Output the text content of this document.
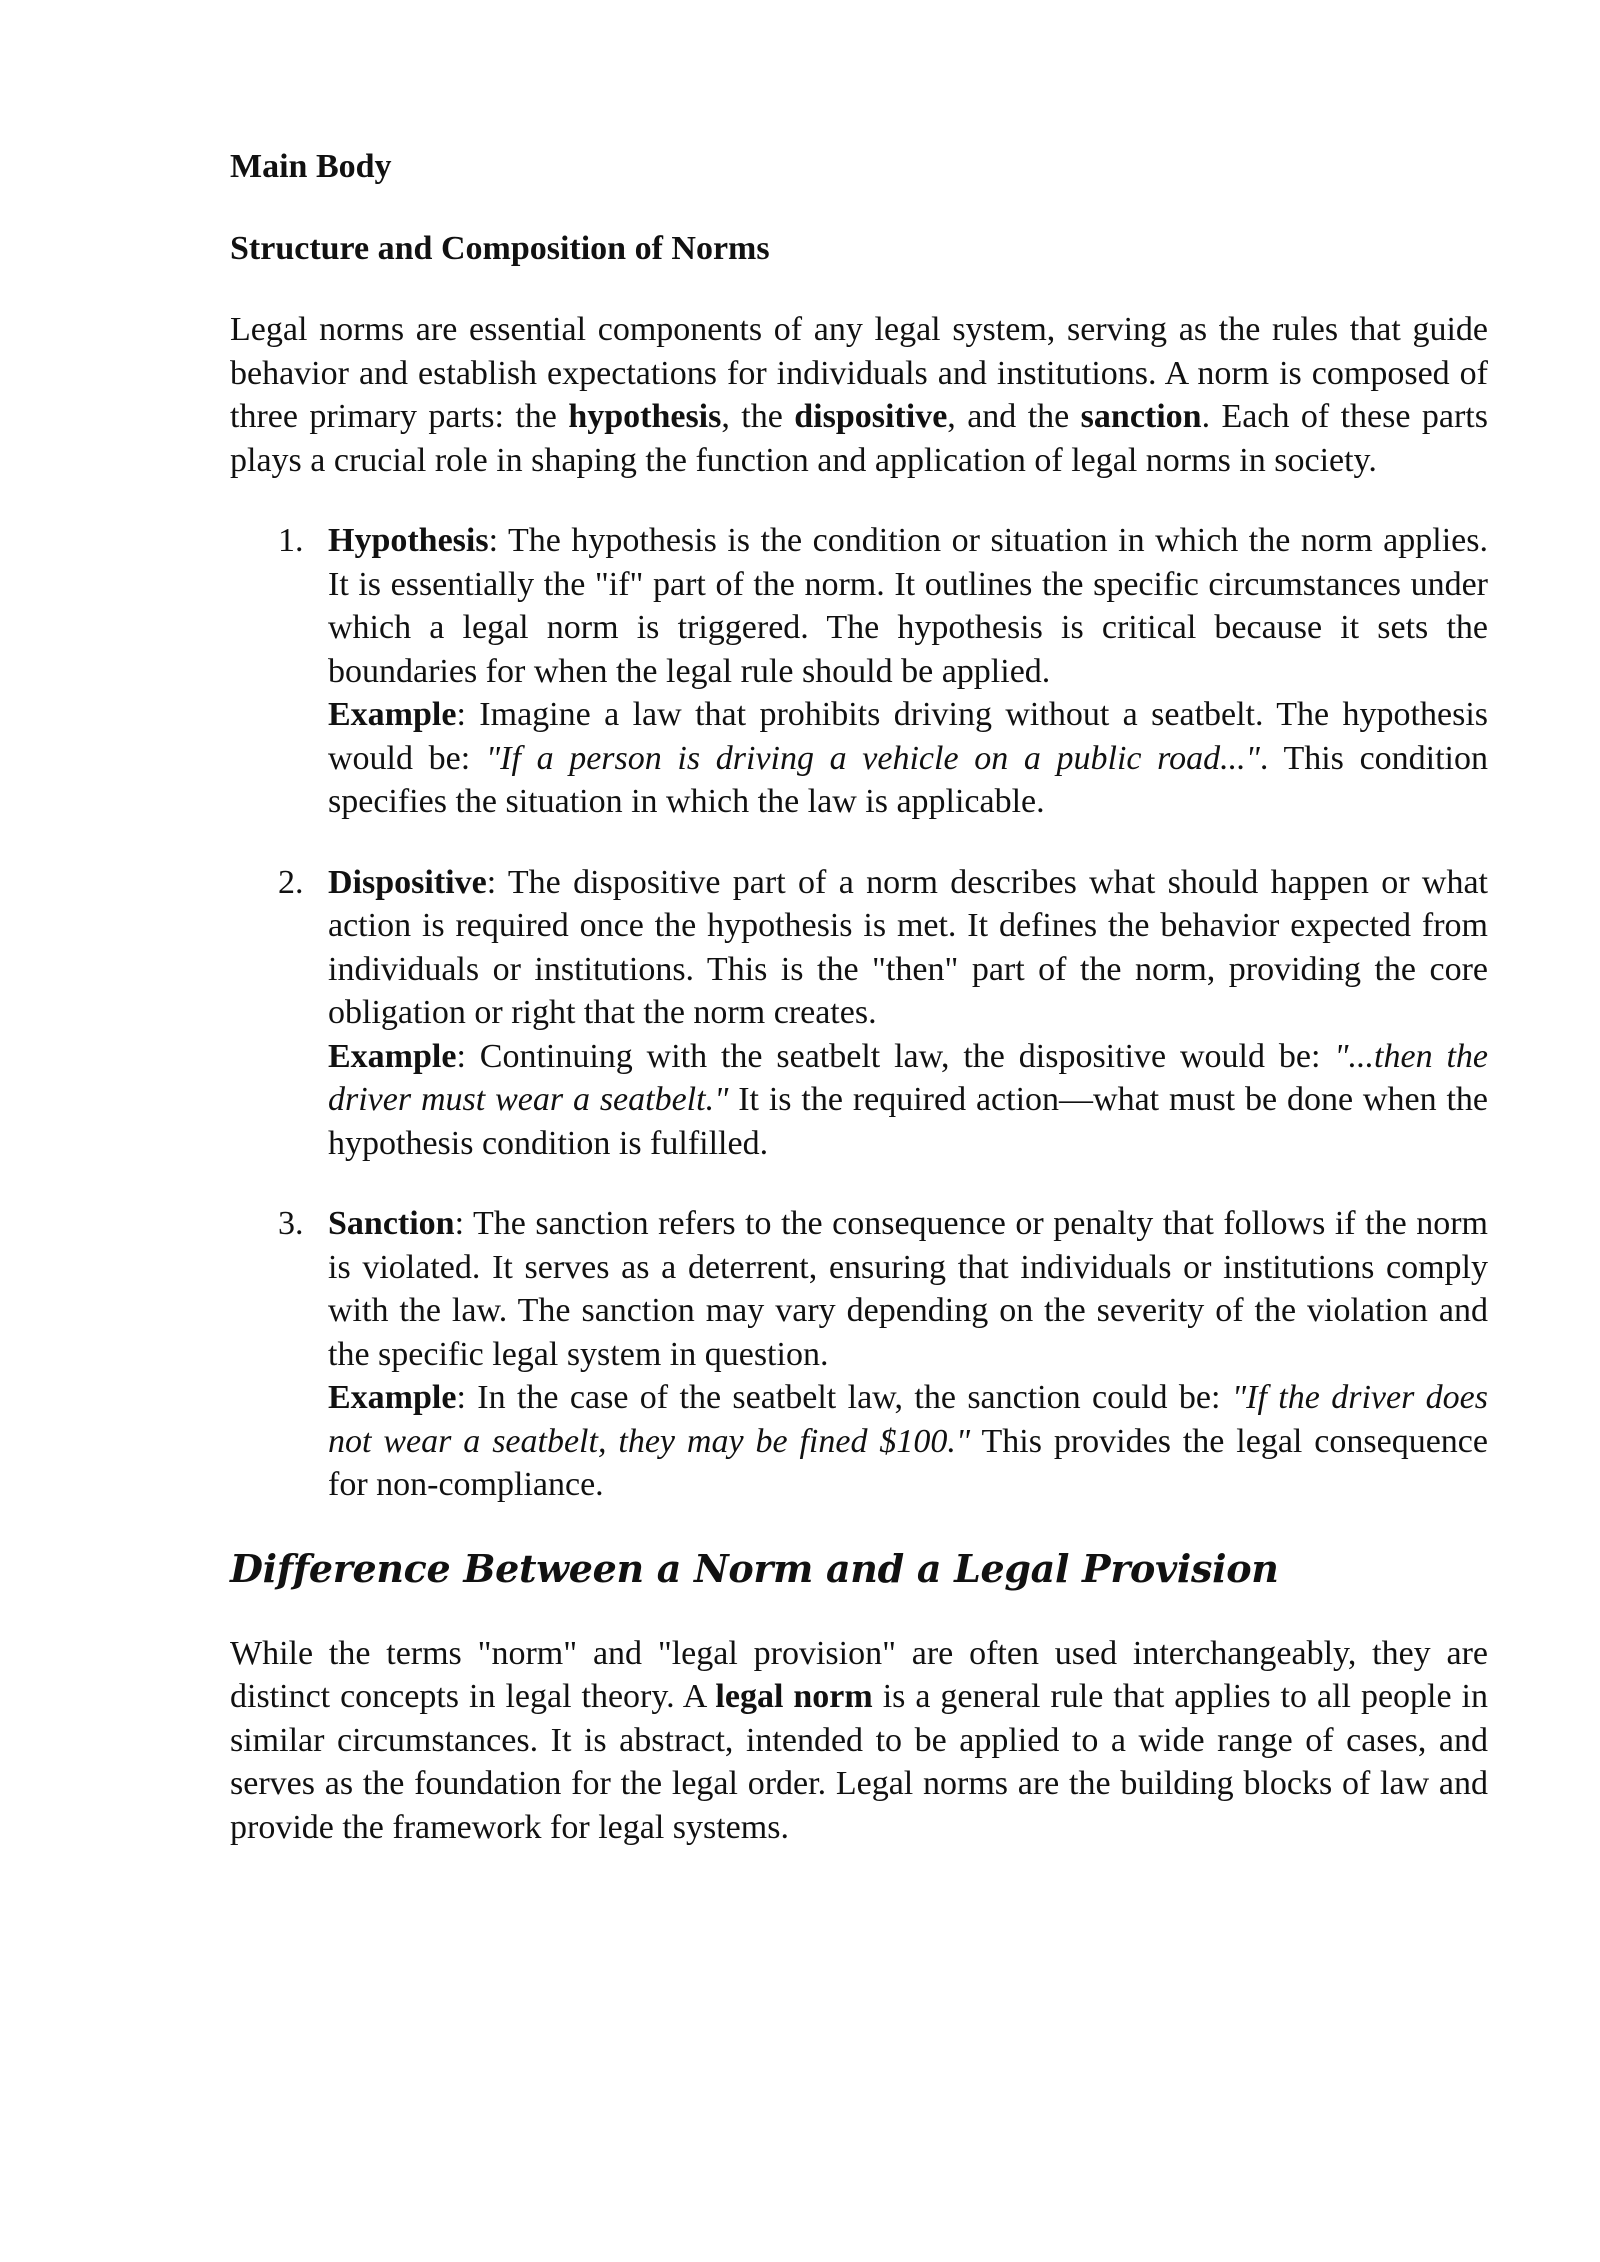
Main Body
Structure and Composition of Norms

Legal norms are essential components of any legal system, serving as the rules that guide behavior and establish expectations for individuals and institutions. A norm is composed of three primary parts: the hypothesis, the dispositive, and the sanction. Each of these parts plays a crucial role in shaping the function and application of legal norms in society.

1. Hypothesis: The hypothesis is the condition or situation in which the norm applies. It is essentially the "if" part of the norm. It outlines the specific circumstances under which a legal norm is triggered. The hypothesis is critical because it sets the boundaries for when the legal rule should be applied.

Example: Imagine a law that prohibits driving without a seatbelt. The hypothesis would be: "If a person is driving a vehicle on a public road...". This condition specifies the situation in which the law is applicable.

2. Dispositive: The dispositive part of a norm describes what should happen or what action is required once the hypothesis is met. It defines the behavior expected from individuals or institutions. This is the "then" part of the norm, providing the core obligation or right that the norm creates.

Example: Continuing with the seatbelt law, the dispositive would be: "...then the driver must wear a seatbelt." It is the required action—what must be done when the hypothesis condition is fulfilled.

3. Sanction: The sanction refers to the consequence or penalty that follows if the norm is violated. It serves as a deterrent, ensuring that individuals or institutions comply with the law. The sanction may vary depending on the severity of the violation and the specific legal system in question.

Example: In the case of the seatbelt law, the sanction could be: "If the driver does not wear a seatbelt, they may be fined $100." This provides the legal consequence for non-compliance.

Difference Between a Norm and a Legal Provision

While the terms "norm" and "legal provision" are often used interchangeably, they are distinct concepts in legal theory. A legal norm is a general rule that applies to all people in similar circumstances. It is abstract, intended to be applied to a wide range of cases, and serves as the foundation for the legal order. Legal norms are the building blocks of law and provide the framework for legal systems.
